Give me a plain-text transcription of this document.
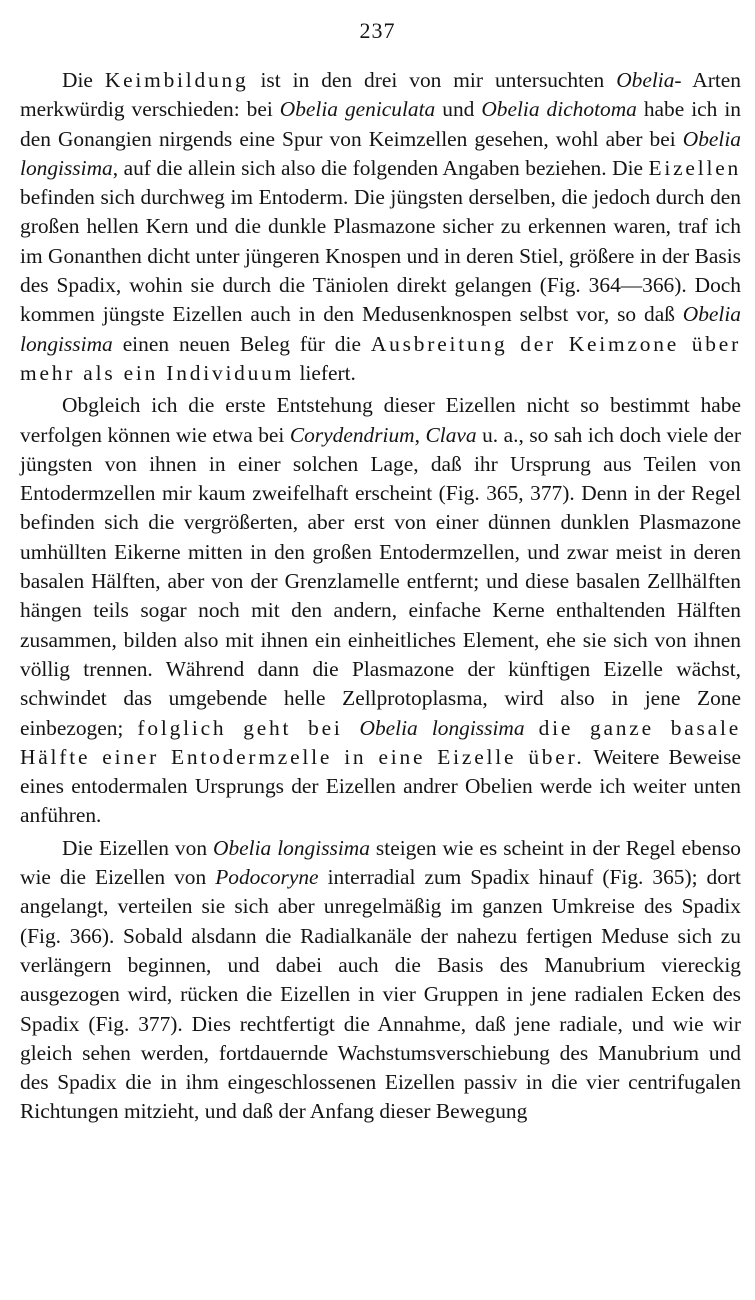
237

Die Keimbildung ist in den drei von mir untersuchten Obelia- Arten merkwürdig verschieden: bei Obelia geniculata und Obelia dichotoma habe ich in den Gonangien nirgends eine Spur von Keimzellen gesehen, wohl aber bei Obelia longissima, auf die allein sich also die folgenden Angaben beziehen. Die Eizellen befinden sich durchweg im Entoderm. Die jüngsten derselben, die jedoch durch den großen hellen Kern und die dunkle Plasmazone sicher zu erkennen waren, traf ich im Gonanthen dicht unter jüngeren Knospen und in deren Stiel, größere in der Basis des Spadix, wohin sie durch die Täniolen direkt gelangen (Fig. 364—366). Doch kommen jüngste Eizellen auch in den Medusenknospen selbst vor, so daß Obelia longissima einen neuen Beleg für die Ausbreitung der Keimzone über mehr als ein Individuum liefert.

Obgleich ich die erste Entstehung dieser Eizellen nicht so bestimmt habe verfolgen können wie etwa bei Corydendrium, Clava u. a., so sah ich doch viele der jüngsten von ihnen in einer solchen Lage, daß ihr Ursprung aus Teilen von Entodermzellen mir kaum zweifelhaft erscheint (Fig. 365, 377). Denn in der Regel befinden sich die vergrößerten, aber erst von einer dünnen dunklen Plasmazone umhüllten Eikerne mitten in den großen Entodermzellen, und zwar meist in deren basalen Hälften, aber von der Grenzlamelle entfernt; und diese basalen Zellhälften hängen teils sogar noch mit den andern, einfache Kerne enthaltenden Hälften zusammen, bilden also mit ihnen ein einheitliches Element, ehe sie sich von ihnen völlig trennen. Während dann die Plasmazone der künftigen Eizelle wächst, schwindet das umgebende helle Zellprotoplasma, wird also in jene Zone einbezogen; folglich geht bei Obelia longissima die ganze basale Hälfte einer Entodermzelle in eine Eizelle über. Weitere Beweise eines entodermalen Ursprungs der Eizellen andrer Obelien werde ich weiter unten anführen.

Die Eizellen von Obelia longissima steigen wie es scheint in der Regel ebenso wie die Eizellen von Podocoryne interradial zum Spadix hinauf (Fig. 365); dort angelangt, verteilen sie sich aber unregelmäßig im ganzen Umkreise des Spadix (Fig. 366). Sobald alsdann die Radialkanäle der nahezu fertigen Meduse sich zu verlängern beginnen, und dabei auch die Basis des Manubrium viereckig ausgezogen wird, rücken die Eizellen in vier Gruppen in jene radialen Ecken des Spadix (Fig. 377). Dies rechtfertigt die Annahme, daß jene radiale, und wie wir gleich sehen werden, fortdauernde Wachstumsverschiebung des Manubrium und des Spadix die in ihm eingeschlossenen Eizellen passiv in die vier centrifugalen Richtungen mitzieht, und daß der Anfang dieser Bewegung
